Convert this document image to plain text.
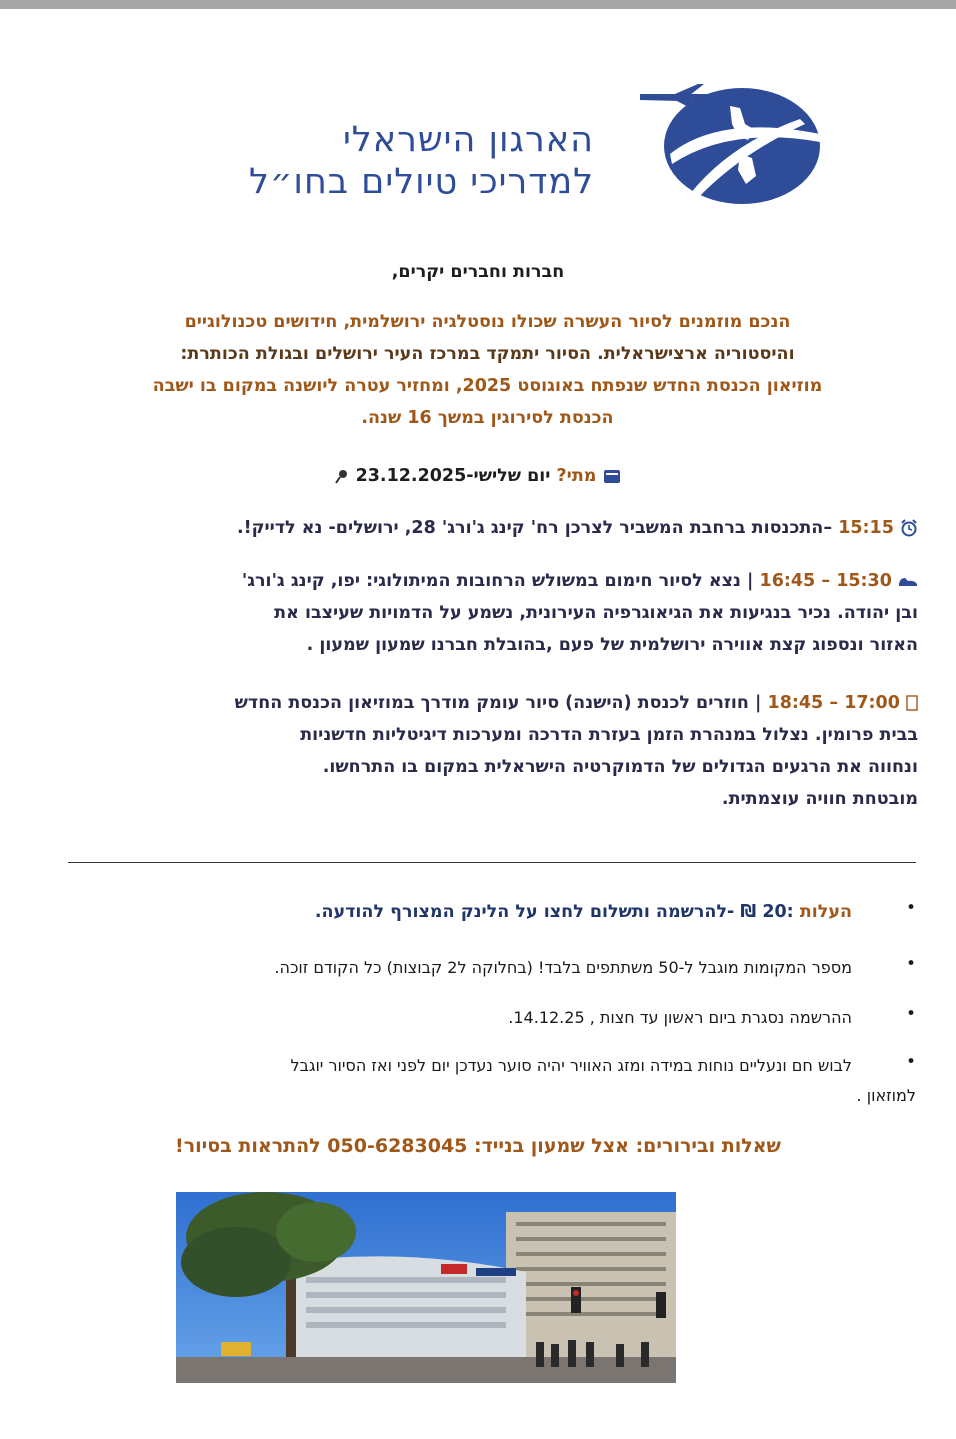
הארגון הישראלי
למדריכי טיולים בחו״ל
חברות וחברים יקרים,
הנכם מוזמנים לסיור העשרה שכולו נוסטלגיה ירושלמית, חידושים טכנולוגיים
והיסטוריה ארצישראלית. הסיור יתמקד במרכז העיר ירושלים ובגולת הכותרת:
מוזיאון הכנסת החדש שנפתח באוגוסט 2025, ומחזיר עטרה ליושנה במקום בו ישבה
הכנסת לסירוגין במשך 16 שנה.
מתי? יום שלישי-23.12.2025
15:15 –התכנסות ברחבת המשביר לצרכן רח' קינג ג'ורג' 28, ירושלים- נא לדייק!.
15:30 – 16:45 | נצא לסיור חימום במשולש הרחובות המיתולוגי: יפו, קינג ג'ורג'
ובן יהודה. נכיר בנגיעות את הגיאוגרפיה העירונית, נשמע על הדמויות שעיצבו את
האזור ונספוג קצת אווירה ירושלמית של פעם ,בהובלת חברנו שמעון שמעון .
17:00 – 18:45 | חוזרים לכנסת (הישנה) סיור עומק מודרך במוזיאון הכנסת החדש
בבית פרומין. נצלול במנהרת הזמן בעזרת הדרכה ומערכות דיגיטליות חדשניות
ונחווה את הרגעים הגדולים של הדמוקרטיה הישראלית במקום בו התרחשו.
מובטחת חוויה עוצמתית.
•
העלות :20 ₪ -להרשמה ותשלום לחצו על הלינק המצורף להודעה.
•
מספר המקומות מוגבל ל-50 משתתפים בלבד! (בחלוקה ל2 קבוצות) כל הקודם זוכה.
•
ההרשמה נסגרת ביום ראשון עד חצות , 14.12.25.
•
לבוש חם ונעליים נוחות במידה ומזג האוויר יהיה סוער נעדכן יום לפני ואז הסיור יוגבל
למוזאון .
שאלות ובירורים: אצל שמעון בנייד: 050-6283045 להתראות בסיור!
